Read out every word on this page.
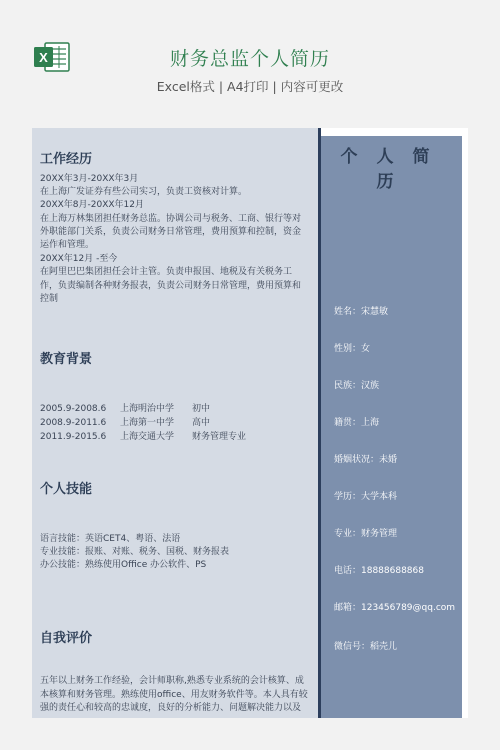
X	财务总监个人简历
Excel格式 | A4打印 | 内容可更改
工作经历
20XX年3月-20XX年3月
在上海广发证券有些公司实习，负责工资核对计算。
20XX年8月-20XX年12月
在上海万林集团担任财务总监。协调公司与税务、工商、银行等对
外职能部门关系，负责公司财务日常管理，费用预算和控制，资金
运作和管理。
20XX年12月 -至今
在阿里巴巴集团担任会计主管。负责申报国、地税及有关税务工
作，负责编制各种财务报表，负责公司财务日常管理，费用预算和
控制
教育背景
2005.9-2008.6 上海明治中学 初中
2008.9-2011.6 上海第一中学 高中
2011.9-2015.6 上海交通大学 财务管理专业
个人技能
语言技能：英语CET4、粤语、法语
专业技能：报账、对账、税务、国税、财务报表
办公技能：熟练使用Office 办公软件、PS
自我评价
五年以上财务工作经验，会计师职称,熟悉专业系统的会计核算、成
本核算和财务管理。熟练使用office、用友财务软件等。本人具有较
强的责任心和较高的忠诚度，良好的分析能力、问题解决能力以及
个人简历
姓名：宋慧敏
性别：女
民族：汉族
籍贯：上海
婚姻状况：未婚
学历：大学本科
专业：财务管理
电话：18888688868
邮箱：123456789@qq.com
微信号：稻壳儿
